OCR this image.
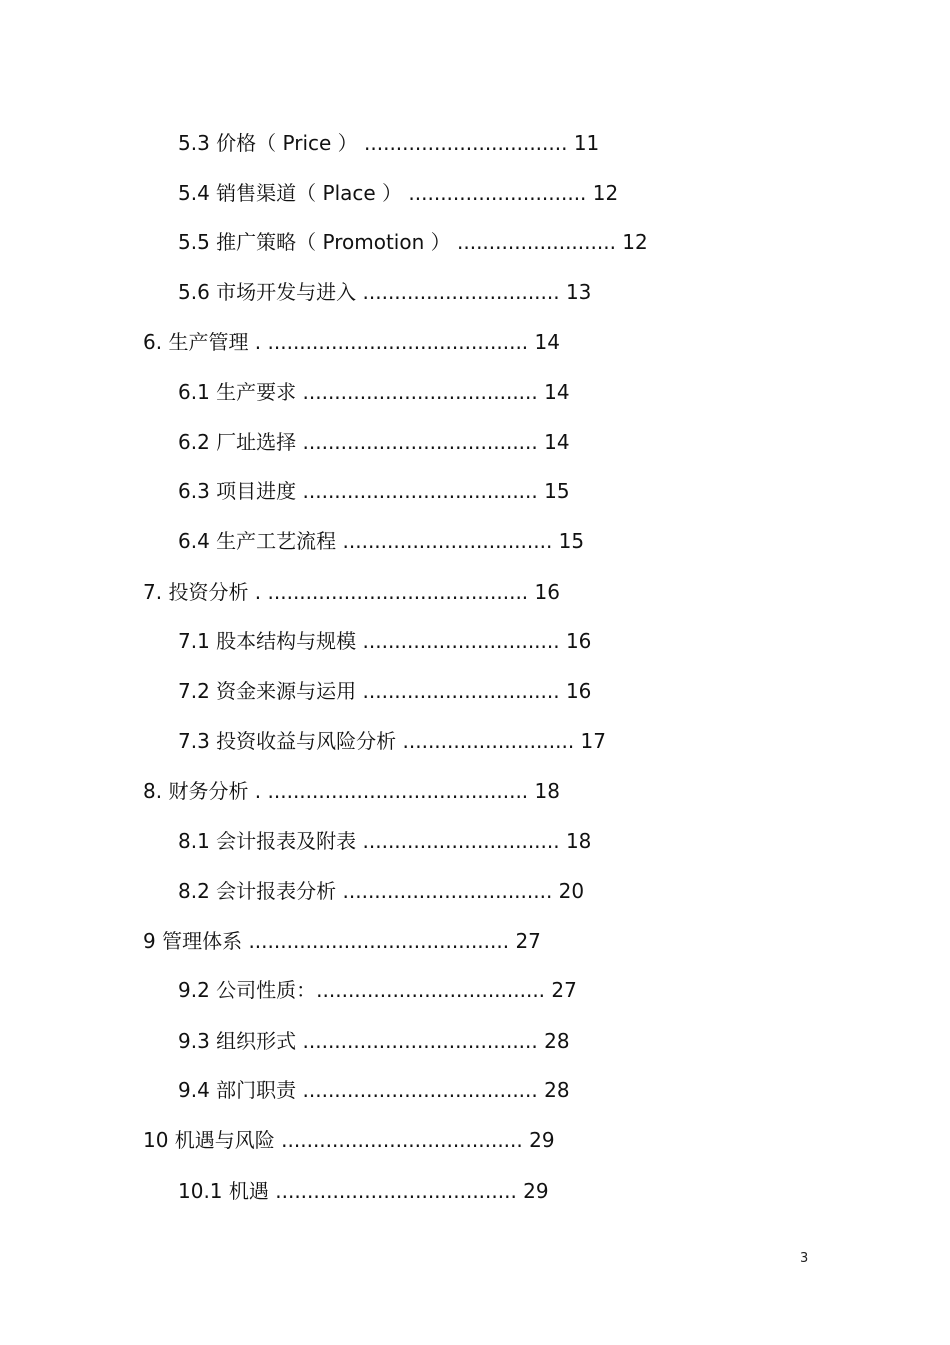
5.3 价格（ Price ） ................................ 11
5.4 销售渠道（ Place ） ............................ 12
5.5 推广策略（ Promotion ） ......................... 12
5.6 市场开发与进入 ............................... 13
6. 生产管理 . ......................................... 14
6.1 生产要求 ..................................... 14
6.2 厂址选择 ..................................... 14
6.3 项目进度 ..................................... 15
6.4 生产工艺流程 ................................. 15
7. 投资分析 . ......................................... 16
7.1 股本结构与规模 ............................... 16
7.2 资金来源与运用 ............................... 16
7.3 投资收益与风险分析 ........................... 17
8. 财务分析 . ......................................... 18
8.1 会计报表及附表 ............................... 18
8.2 会计报表分析 ................................. 20
9 管理体系 ......................................... 27
9.2 公司性质：.................................... 27
9.3 组织形式 ..................................... 28
9.4 部门职责 ..................................... 28
10 机遇与风险 ...................................... 29
10.1 机遇 ...................................... 29
3
